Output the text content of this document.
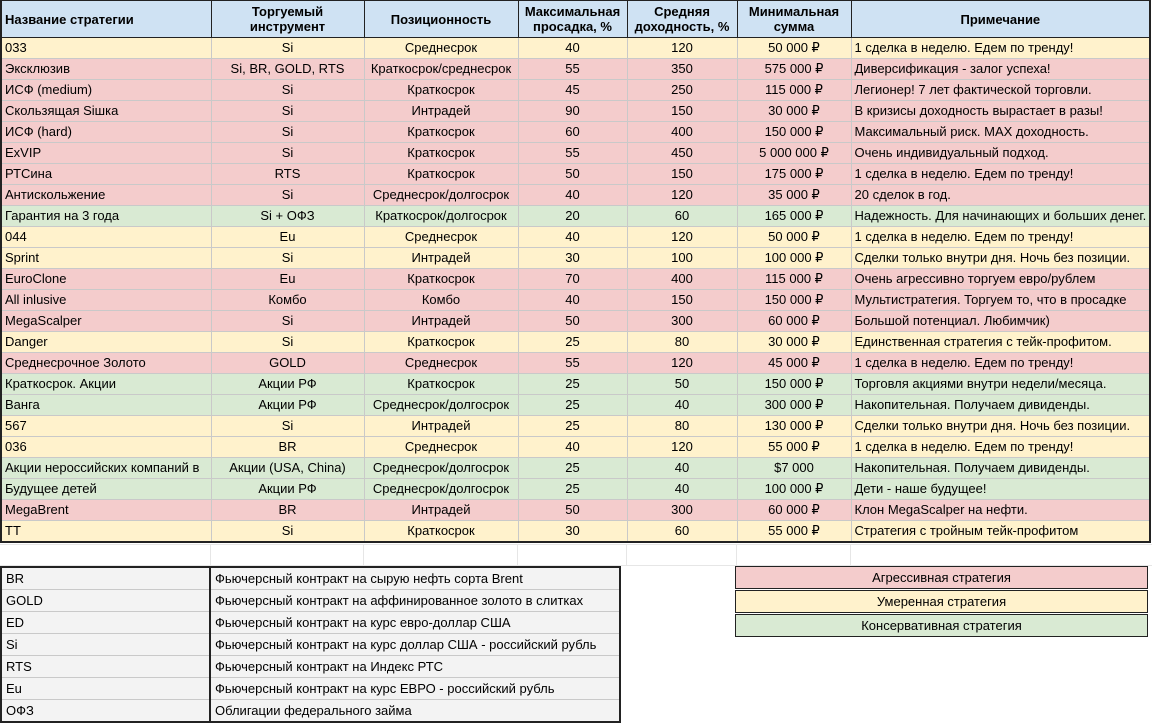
Название стратегии	Торгуемый инструмент	Позиционность	Максимальная просадка, %	Средняя доходность, %	Минимальная сумма	Примечание
033	Si	Среднесрок	40	120	50 000 ₽	1 сделка в неделю. Едем по тренду!
Эксклюзив	Si, BR, GOLD, RTS	Краткосрок/среднесрок	55	350	575 000 ₽	Диверсификация - залог успеха!
ИСФ (medium)	Si	Краткосрок	45	250	115 000 ₽	Легионер! 7 лет фактической торговли.
Скользящая Siшка	Si	Интрадей	90	150	30 000 ₽	В кризисы доходность вырастает в разы!
ИСФ (hard)	Si	Краткосрок	60	400	150 000 ₽	Максимальный риск. MAX доходность.
ExVIP	Si	Краткосрок	55	450	5 000 000 ₽	Очень индивидуальный подход.
РТСина	RTS	Краткосрок	50	150	175 000 ₽	1 сделка в неделю. Едем по тренду!
Антискольжение	Si	Среднесрок/долгосрок	40	120	35 000 ₽	20 сделок в год.
Гарантия на 3 года	Si + ОФЗ	Краткосрок/долгосрок	20	60	165 000 ₽	Надежность. Для начинающих и больших денег.
044	Eu	Среднесрок	40	120	50 000 ₽	1 сделка в неделю. Едем по тренду!
Sprint	Si	Интрадей	30	100	100 000 ₽	Сделки только внутри дня. Ночь без позиции.
EuroClone	Eu	Краткосрок	70	400	115 000 ₽	Очень агрессивно торгуем евро/рублем
All inlusive	Комбо	Комбо	40	150	150 000 ₽	Мультистратегия. Торгуем то, что в просадке
MegaScalper	Si	Интрадей	50	300	60 000 ₽	Большой потенциал. Любимчик)
Danger	Si	Краткосрок	25	80	30 000 ₽	Единственная стратегия с тейк-профитом.
Среднесрочное Золото	GOLD	Среднесрок	55	120	45 000 ₽	1 сделка в неделю. Едем по тренду!
Краткосрок. Акции	Акции РФ	Краткосрок	25	50	150 000 ₽	Торговля акциями внутри недели/месяца.
Ванга	Акции РФ	Среднесрок/долгосрок	25	40	300 000 ₽	Накопительная. Получаем дивиденды.
567	Si	Интрадей	25	80	130 000 ₽	Сделки только внутри дня. Ночь без позиции.
036	BR	Среднесрок	40	120	55 000 ₽	1 сделка в неделю. Едем по тренду!
Акции нероссийских компаний в	Акции (USA, China)	Среднесрок/долгосрок	25	40	$7 000	Накопительная. Получаем дивиденды.
Будущее детей	Акции РФ	Среднесрок/долгосрок	25	40	100 000 ₽	Дети - наше будущее!
MegaBrent	BR	Интрадей	50	300	60 000 ₽	Клон MegaScalper на нефти.
TT	Si	Краткосрок	30	60	55 000 ₽	Стратегия с тройным тейк-профитом
BR	Фьючерсный контракт на сырую нефть сорта Brent
GOLD	Фьючерсный контракт на аффинированное золото в слитках
ED	Фьючерсный контракт на курс евро-доллар США
Si	Фьючерсный контракт на курс доллар США - российский рубль
RTS	Фьючерсный контракт на Индекс РТС
Eu	Фьючерсный контракт на курс ЕВРО - российский рубль
ОФЗ	Облигации федерального займа
Агрессивная стратегия
Умеренная стратегия
Консервативная стратегия
